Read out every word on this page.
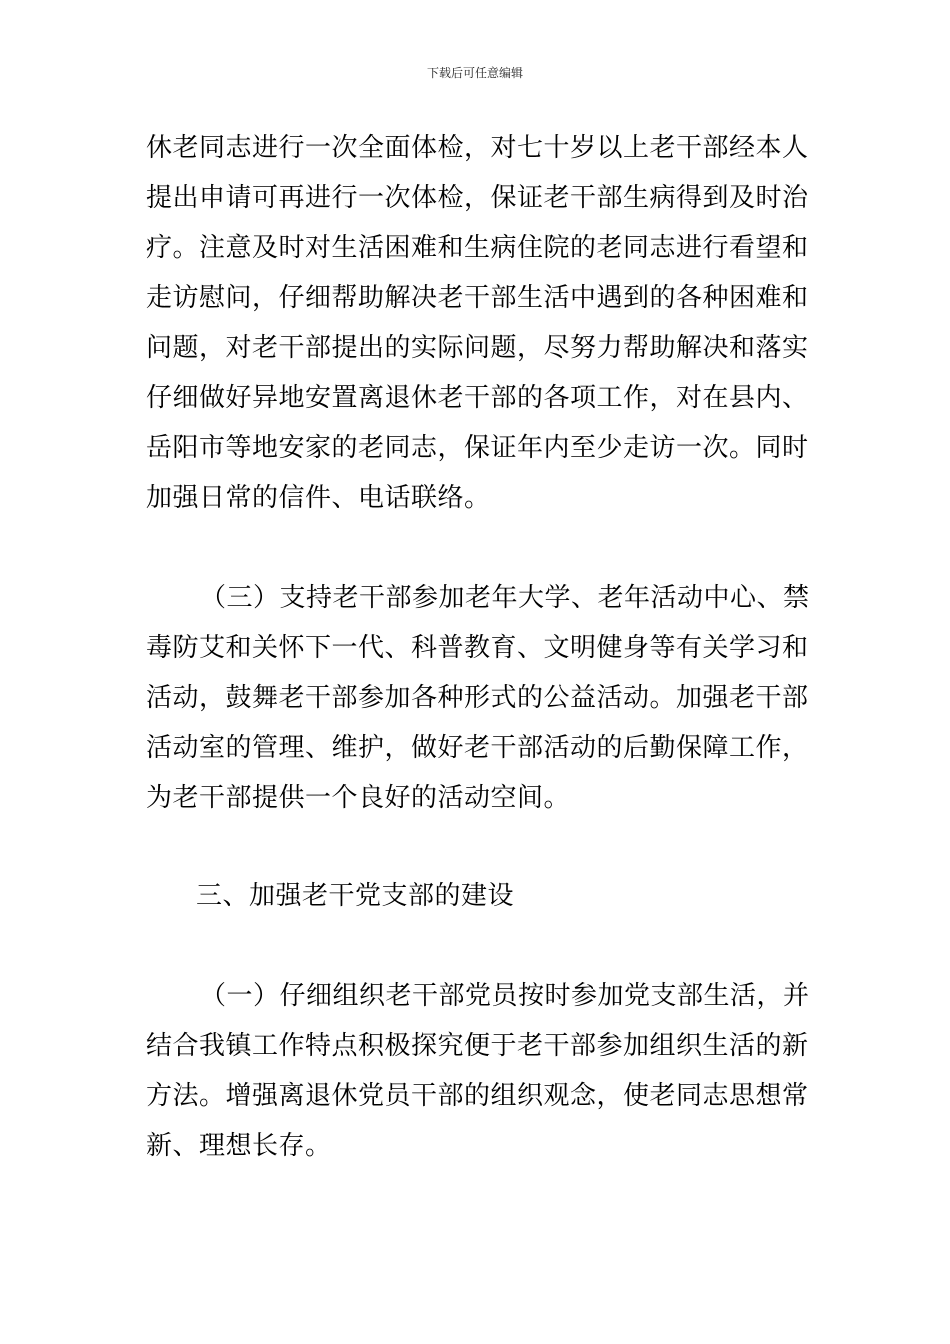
下载后可任意编辑
休老同志进行一次全面体检，对七十岁以上老干部经本人
提出申请可再进行一次体检，保证老干部生病得到及时治
疗。注意及时对生活困难和生病住院的老同志进行看望和
走访慰问，仔细帮助解决老干部生活中遇到的各种困难和
问题，对老干部提出的实际问题，尽努力帮助解决和落实
仔细做好异地安置离退休老干部的各项工作，对在县内、
岳阳市等地安家的老同志，保证年内至少走访一次。同时
加强日常的信件、电话联络。
（三）支持老干部参加老年大学、老年活动中心、禁
毒防艾和关怀下一代、科普教育、文明健身等有关学习和
活动，鼓舞老干部参加各种形式的公益活动。加强老干部
活动室的管理、维护，做好老干部活动的后勤保障工作，
为老干部提供一个良好的活动空间。
三、加强老干党支部的建设
（一）仔细组织老干部党员按时参加党支部生活，并
结合我镇工作特点积极探究便于老干部参加组织生活的新
方法。增强离退休党员干部的组织观念，使老同志思想常
新、理想长存。
